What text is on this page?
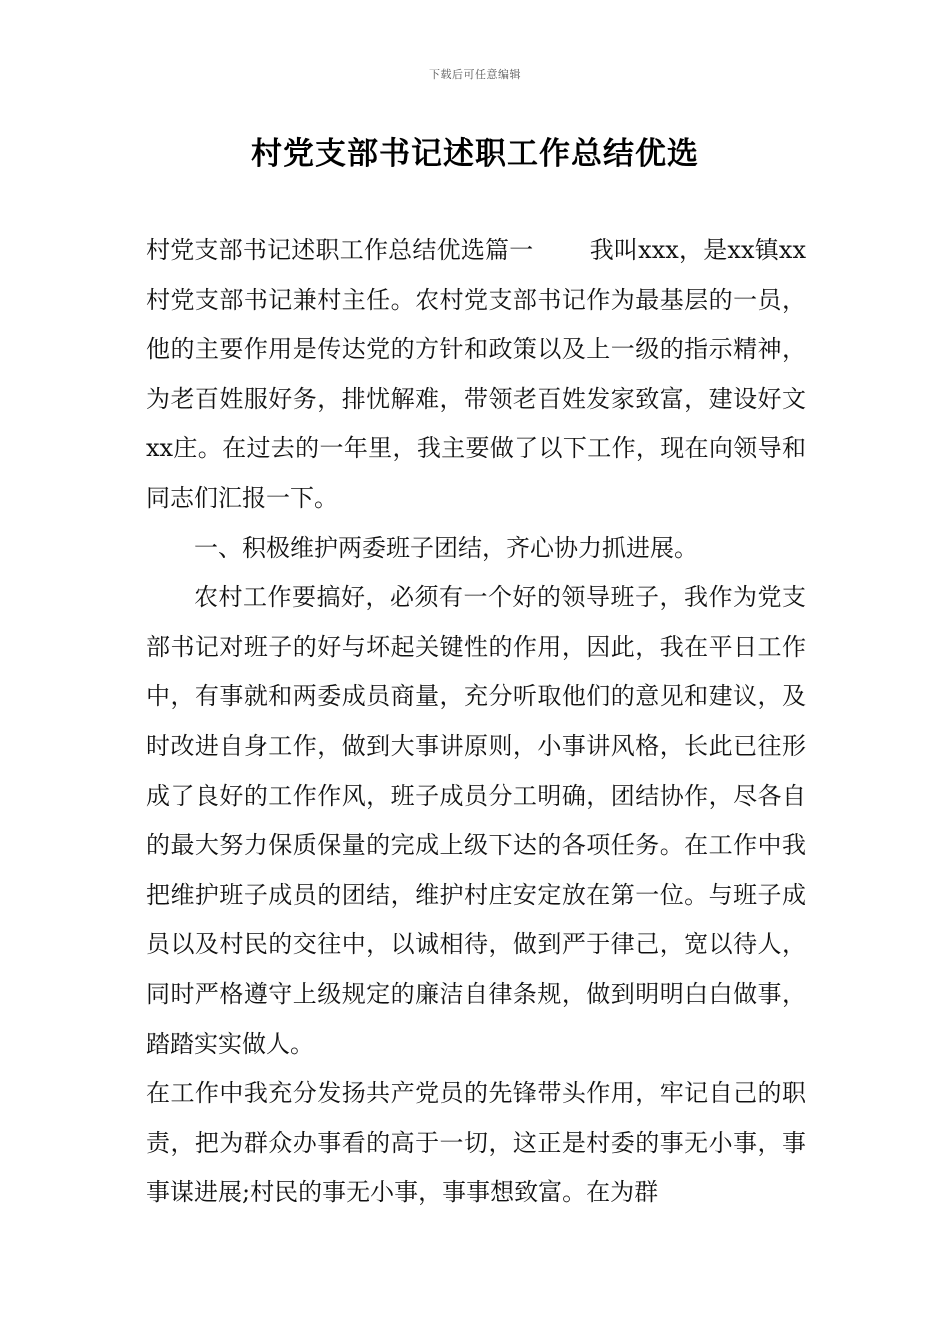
下载后可任意编辑
村党支部书记述职工作总结优选

村党支部书记述职工作总结优选篇一 我叫xxx，是xx镇xx村党支部书记兼村主任。农村党支部书记作为最基层的一员，他的主要作用是传达党的方针和政策以及上一级的指示精神，为老百姓服好务，排忧解难，带领老百姓发家致富，建设好文xx庄。在过去的一年里，我主要做了以下工作，现在向领导和同志们汇报一下。

一、积极维护两委班子团结，齐心协力抓进展。

农村工作要搞好，必须有一个好的领导班子，我作为党支部书记对班子的好与坏起关键性的作用，因此，我在平日工作中，有事就和两委成员商量，充分听取他们的意见和建议，及时改进自身工作，做到大事讲原则，小事讲风格，长此已往形成了良好的工作作风，班子成员分工明确，团结协作，尽各自的最大努力保质保量的完成上级下达的各项任务。在工作中我把维护班子成员的团结，维护村庄安定放在第一位。与班子成员以及村民的交往中，以诚相待，做到严于律己，宽以待人，同时严格遵守上级规定的廉洁自律条规，做到明明白白做事，踏踏实实做人。

在工作中我充分发扬共产党员的先锋带头作用，牢记自己的职责，把为群众办事看的高于一切，这正是村委的事无小事，事事谋进展;村民的事无小事，事事想致富。在为群
